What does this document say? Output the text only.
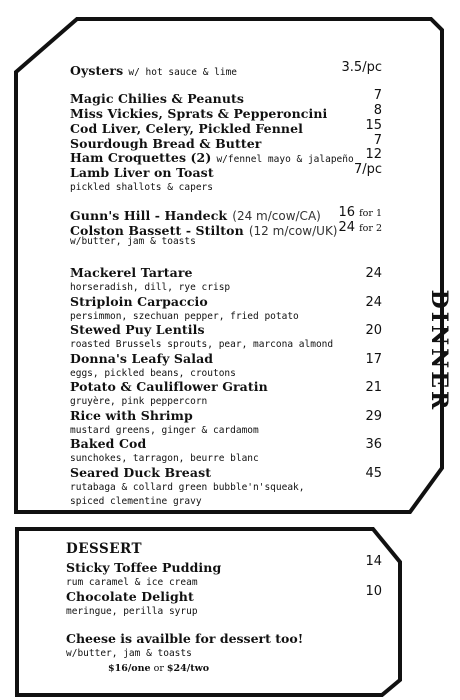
DINNER
Oysters w/ hot sauce & lime	3.5/pc
Magic Chilies & Peanuts	7
Miss Vickies, Sprats & Pepperoncini	8
Cod Liver, Celery, Pickled Fennel	15
Sourdough Bread & Butter	7
Ham Croquettes (2) w/fennel mayo & jalapeño 12
Lamb Liver on Toast	7/pc
pickled shallots & capers
Gunn's Hill - Handeck (24 m/cow/CA) 16 for 1
Colston Bassett - Stilton (12 m/cow/UK) 24 for 2
w/butter, jam & toasts
Mackerel Tartare	24
horseradish, dill, rye crisp
Striploin Carpaccio	24
persimmon, szechuan pepper, fried potato
Stewed Puy Lentils	20
roasted Brussels sprouts, pear, marcona almond
Donna's Leafy Salad	17
eggs, pickled beans, croutons
Potato & Cauliflower Gratin	21
gruyère, pink peppercorn
Rice with Shrimp	29
mustard greens, ginger & cardamom
Baked Cod	36
sunchokes, tarragon, beurre blanc
Seared Duck Breast	45
rutabaga & collard green bubble'n'squeak,
spiced clementine gravy
DESSERT
Sticky Toffee Pudding	14
rum caramel & ice cream
Chocolate Delight	10
meringue, perilla syrup
Cheese is availble for dessert too!
w/butter, jam & toasts
$16/one or $24/two
